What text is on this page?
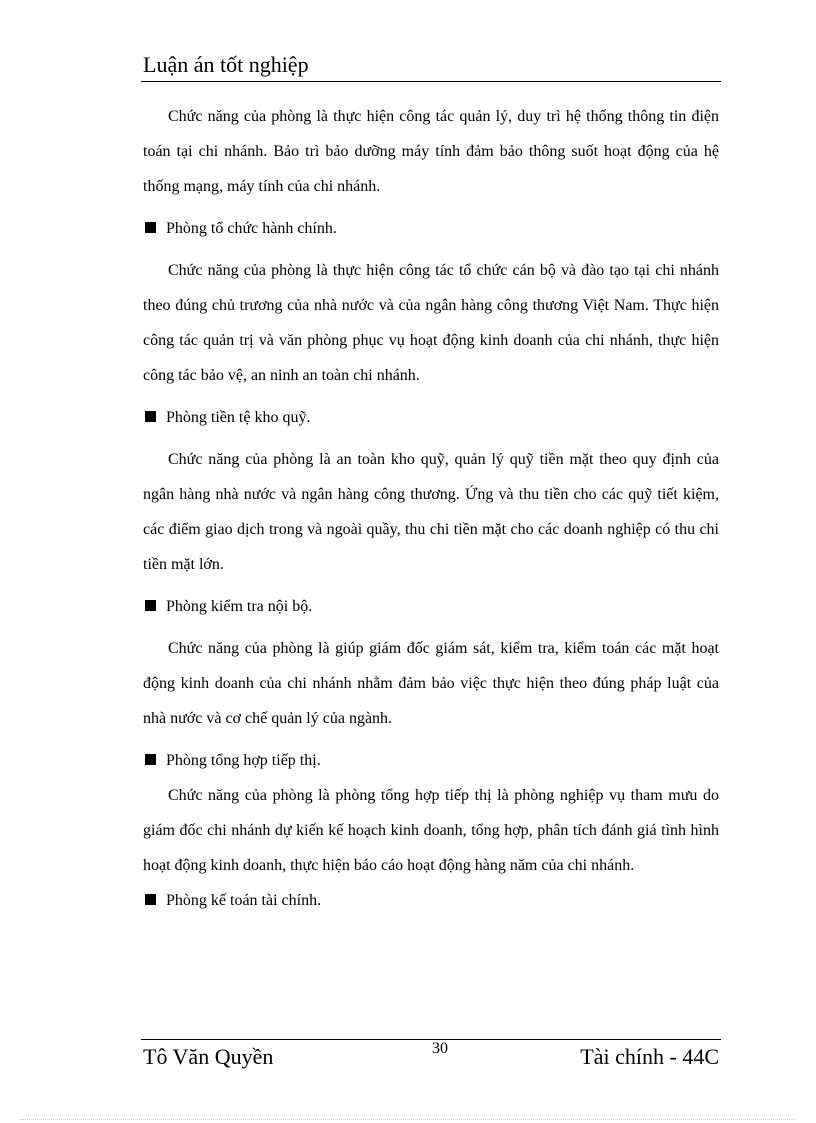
Luận án tốt nghiệp

Chức năng của phòng là thực hiện công tác quản lý, duy trì hệ thống thông tin điện toán tại chi nhánh. Bảo trì bảo dưỡng máy tính đảm bảo thông suốt hoạt động của hệ thống mạng, máy tính của chi nhánh.

Phòng tổ chức hành chính.

Chức năng của phòng là thực hiện công tác tổ chức cán bộ và đào tạo tại chi nhánh theo đúng chủ trương của nhà nước và của ngân hàng công thương Việt Nam. Thực hiện công tác quản trị và văn phòng phục vụ hoạt động kinh doanh của chi nhánh, thực hiện công tác bảo vệ, an ninh an toàn chi nhánh.

Phòng tiền tệ kho quỹ.

Chức năng của phòng là an toàn kho quỹ, quản lý quỹ tiền mặt theo quy định của ngân hàng nhà nước và ngân hàng công thương. Ứng và thu tiền cho các quỹ tiết kiệm, các điểm giao dịch trong và ngoài quầy, thu chi tiền mặt cho các doanh nghiệp có thu chi tiền mặt lớn.

Phòng kiểm tra nội bộ.

Chức năng của phòng là giúp giám đốc giám sát, kiểm tra, kiểm toán các mặt hoạt động kinh doanh của chi nhánh nhằm đảm bảo việc thực hiện theo đúng pháp luật của nhà nước và cơ chế quản lý của ngành.

Phòng tổng hợp tiếp thị.

Chức năng của phòng là phòng tổng hợp tiếp thị là phòng nghiệp vụ tham mưu do giám đốc chi nhánh dự kiến kế hoạch kinh doanh, tổng hợp, phân tích đánh giá tình hình hoạt động kinh doanh, thực hiện báo cáo hoạt động hàng năm của chi nhánh.

Phòng kế toán tài chính.

Tô Văn Quyền	30	Tài chính - 44C
